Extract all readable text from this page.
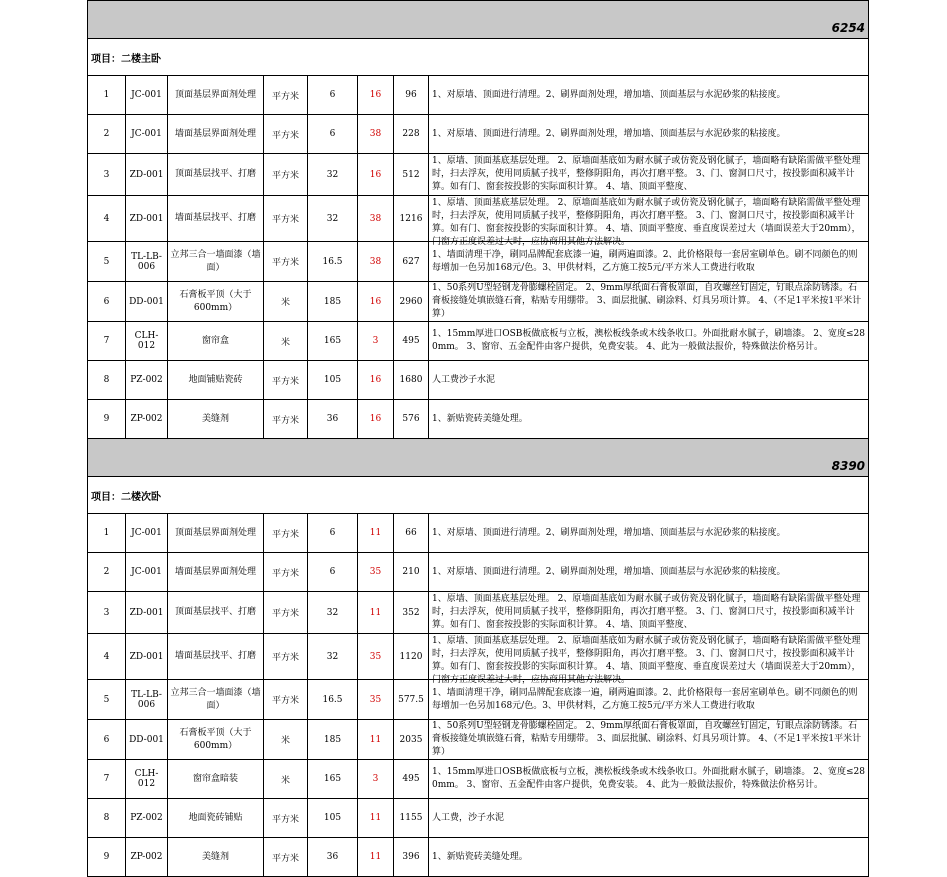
6254							
项目：二楼主卧							
1	JC-001	顶面基层界面剂处理	平方米	6	16	96	1、对原墙、顶面进行清理。2、刷界面剂处理，增加墙、顶面基层与水泥砂浆的粘接度。

2	JC-001	墙面基层界面剂处理	平方米	6	38	228	1、对原墙、顶面进行清理。2、刷界面剂处理，增加墙、顶面基层与水泥砂浆的粘接度。

3	ZD-001	顶面基层找平、打磨	平方米	32	16	512	1、原墙、顶面基底基层处理。 2、原墙面基底如为耐水腻子或仿瓷及钢化腻子，墙面略有缺陷需做平整处理时，扫去浮灰，使用同质腻子找平，整修阴阳角，再次打磨平整。 3、门、窗洞口尺寸，按投影面积减半计算。如有门、窗套按投影的实际面积计算。 4、墙、顶面平整度、

4	ZD-001	墙面基层找平、打磨	平方米	32	38	1216	1、原墙、顶面基底基层处理。 2、原墙面基底如为耐水腻子或仿瓷及钢化腻子，墙面略有缺陷需做平整处理时，扫去浮灰，使用同质腻子找平，整修阴阳角，再次打磨平整。 3、门、窗洞口尺寸，按投影面积减半计算。如有门、窗套按投影的实际面积计算。 4、墙、顶面平整度、垂直度误差过大（墙面误差大于20mm），门窗方正度误差过大时，应协商用其他方法解决。

5	TL-LB-006	立邦三合一墙面漆（墙面）	平方米	16.5	38	627	1、墙面清理干净，刷同品牌配套底漆一遍，刷两遍面漆。2、此价格限每一套居室刷单色。刷不同颜色的则每增加一色另加168元/色。3、甲供材料，乙方施工按5元/平方米人工费进行收取

6	DD-001	石膏板平顶（大于600mm）	米	185	16	2960	1、50系列U型轻钢龙骨膨螺栓固定。 2、9mm厚纸面石膏板罩面，自攻螺丝钉固定，钉眼点涂防锈漆。石膏板接缝处填嵌缝石膏，粘贴专用绷带。 3、面层批腻、刷涂料、灯具另项计算。 4、（不足1平米按1平米计算）

7	CLH-012	窗帘盒	米	165	3	495	1、15mm厚进口OSB板做底板与立板，澳松板线条或木线条收口。外面批耐水腻子，刷墙漆。 2、宽度≤280mm。 3、窗帘、五金配件由客户提供，免费安装。 4、此为一般做法报价，特殊做法价格另计。

8	PZ-002	地面铺贴瓷砖	平方米	105	16	1680	人工费沙子水泥

9	ZP-002	美缝剂	平方米	36	16	576	1、新贴瓷砖美缝处理。

8390							
项目：二楼次卧							
1	JC-001	顶面基层界面剂处理	平方米	6	11	66	1、对原墙、顶面进行清理。2、刷界面剂处理，增加墙、顶面基层与水泥砂浆的粘接度。

2	JC-001	墙面基层界面剂处理	平方米	6	35	210	1、对原墙、顶面进行清理。2、刷界面剂处理，增加墙、顶面基层与水泥砂浆的粘接度。

3	ZD-001	顶面基层找平、打磨	平方米	32	11	352	1、原墙、顶面基底基层处理。 2、原墙面基底如为耐水腻子或仿瓷及钢化腻子，墙面略有缺陷需做平整处理时，扫去浮灰，使用同质腻子找平，整修阴阳角，再次打磨平整。 3、门、窗洞口尺寸，按投影面积减半计算。如有门、窗套按投影的实际面积计算。 4、墙、顶面平整度、

4	ZD-001	墙面基层找平、打磨	平方米	32	35	1120	1、原墙、顶面基底基层处理。 2、原墙面基底如为耐水腻子或仿瓷及钢化腻子，墙面略有缺陷需做平整处理时，扫去浮灰，使用同质腻子找平，整修阴阳角，再次打磨平整。 3、门、窗洞口尺寸，按投影面积减半计算。如有门、窗套按投影的实际面积计算。 4、墙、顶面平整度、垂直度误差过大（墙面误差大于20mm），门窗方正度误差过大时，应协商用其他方法解决。

5	TL-LB-006	立邦三合一墙面漆（墙面）	平方米	16.5	35	577.5	1、墙面清理干净，刷同品牌配套底漆一遍，刷两遍面漆。2、此价格限每一套居室刷单色。刷不同颜色的则每增加一色另加168元/色。3、甲供材料，乙方施工按5元/平方米人工费进行收取

6	DD-001	石膏板平顶（大于600mm）	米	185	11	2035	1、50系列U型轻钢龙骨膨螺栓固定。 2、9mm厚纸面石膏板罩面，自攻螺丝钉固定，钉眼点涂防锈漆。石膏板接缝处填嵌缝石膏，粘贴专用绷带。 3、面层批腻、刷涂料、灯具另项计算。 4、（不足1平米按1平米计算）

7	CLH-012	窗帘盒暗装	米	165	3	495	1、15mm厚进口OSB板做底板与立板，澳松板线条或木线条收口。外面批耐水腻子，刷墙漆。 2、宽度≤280mm。 3、窗帘、五金配件由客户提供，免费安装。 4、此为一般做法报价，特殊做法价格另计。

8	PZ-002	地面瓷砖铺贴	平方米	105	11	1155	人工费，沙子水泥

9	ZP-002	美缝剂	平方米	36	11	396	1、新贴瓷砖美缝处理。
